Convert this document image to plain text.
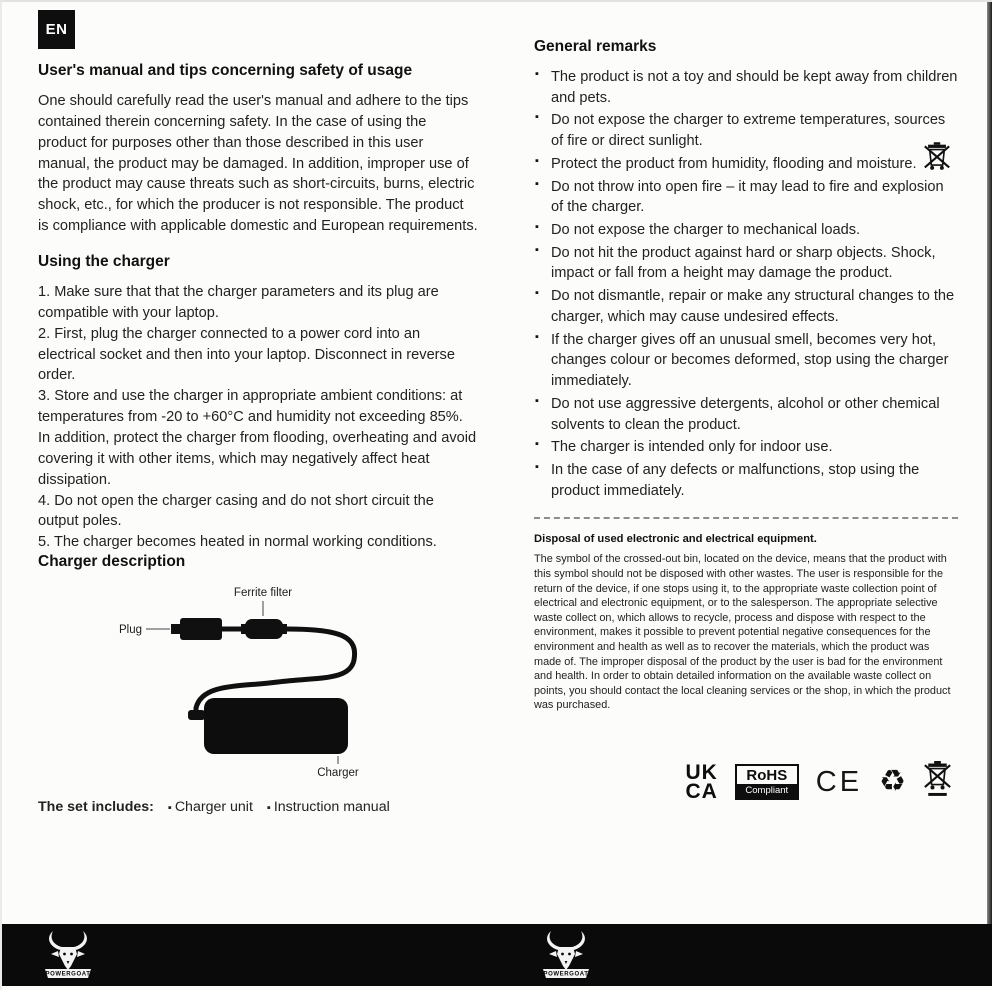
EN
User's manual and tips concerning safety of usage

One should carefully read the user's manual and adhere to the tips contained therein concerning safety. In the case of using the product for purposes other than those described in this user manual, the product may be damaged. In addition, improper use of the product may cause threats such as short-circuits, burns, electric shock, etc., for which the producer is not responsible. The product is compliance with applicable domestic and European requirements.

Using the charger
1. Make sure that that the charger parameters and its plug are compatible with your laptop.
2. First, plug the charger connected to a power cord into an electrical socket and then into your laptop. Disconnect in reverse order.
3. Store and use the charger in appropriate ambient conditions: at temperatures from -20 to +60°C and humidity not exceeding 85%. In addition, protect the charger from flooding, overheating and avoid covering it with other items, which may negatively affect heat dissipation.
4. Do not open the charger casing and do not short circuit the output poles.
5. The charger becomes heated in normal working conditions.
Charger description
Ferrite filter
Plug
Charger
The set includes: ▪ Charger unit ▪ Instruction manual
General remarks
▪ The product is not a toy and should be kept away from children and pets.
▪ Do not expose the charger to extreme temperatures, sources of fire or direct sunlight.
▪ Protect the product from humidity, flooding and moisture.
▪ Do not throw into open fire – it may lead to fire and explosion of the charger.
▪ Do not expose the charger to mechanical loads.
▪ Do not hit the product against hard or sharp objects. Shock, impact or fall from a height may damage the product.
▪ Do not dismantle, repair or make any structural changes to the charger, which may cause undesired effects.
▪ If the charger gives off an unusual smell, becomes very hot, changes colour or becomes deformed, stop using the charger immediately.
▪ Do not use aggressive detergents, alcohol or other chemical solvents to clean the product.
▪ The charger is intended only for indoor use.
▪ In the case of any defects or malfunctions, stop using the product immediately.
Disposal of used electronic and electrical equipment.

The symbol of the crossed-out bin, located on the device, means that the product with this symbol should not be disposed with other wastes. The user is responsible for the return of the device, if one stops using it, to the appropriate waste collection point of electrical and electronic equipment, or to the salesperson. The appropriate selective waste collect on, which allows to recycle, process and dispose with respect to the environment, makes it possible to prevent potential negative consequences for the environment and health as well as to recover the materials, which the product was made of. The improper disposal of the product by the user is bad for the environment and health. In order to obtain detailed information on the available waste collect on points, you should contact the local cleaning services or the shop, in which the product was purchased.

UK
CA
RoHS
Compliant CE ♻
POWERGOAT	POWERGOAT
